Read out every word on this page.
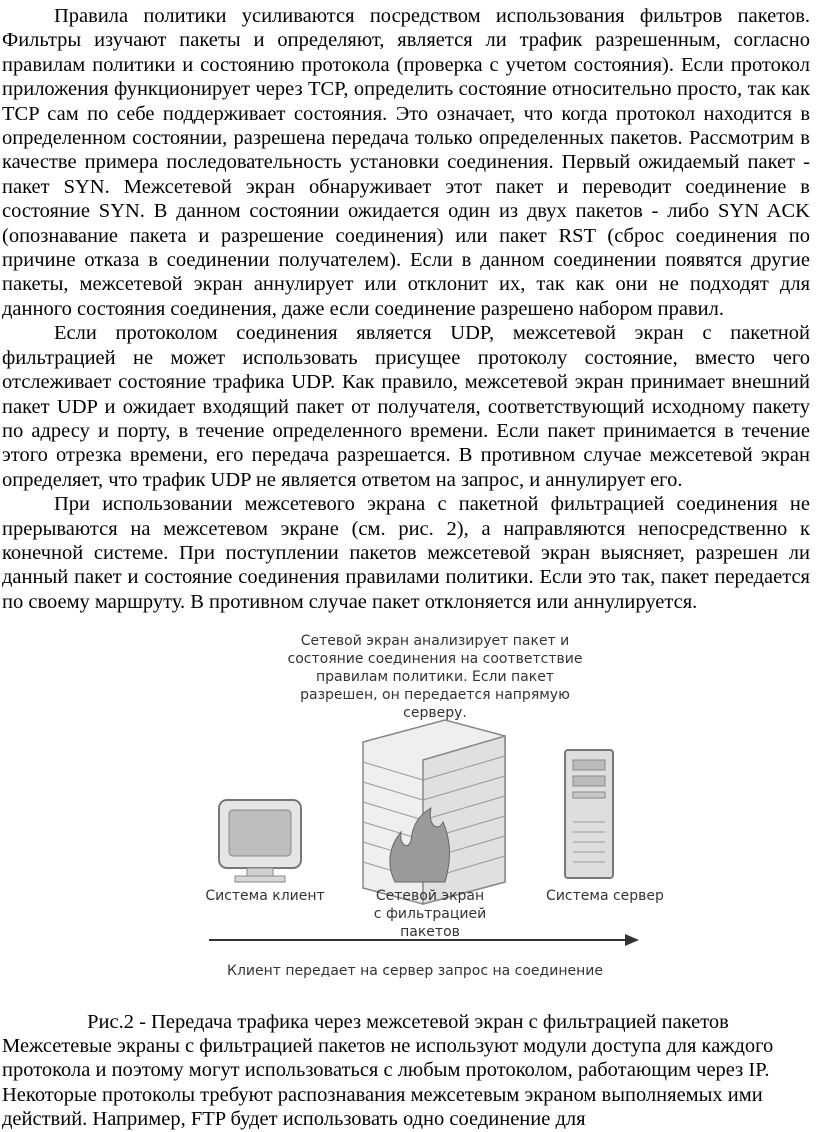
Правила политики усиливаются посредством использования фильтров пакетов. Фильтры изучают пакеты и определяют, является ли трафик разрешенным, согласно правилам политики и состоянию протокола (проверка с учетом состояния). Если протокол приложения функционирует через TCP, определить состояние относительно просто, так как TCP сам по себе поддерживает состояния. Это означает, что когда протокол находится в определенном состоянии, разрешена передача только определенных пакетов. Рассмотрим в качестве примера последовательность установки соединения. Первый ожидаемый пакет - пакет SYN. Межсетевой экран обнаруживает этот пакет и переводит соединение в состояние SYN. В данном состоянии ожидается один из двух пакетов - либо SYN ACK (опознавание пакета и разрешение соединения) или пакет RST (сброс соединения по причине отказа в соединении получателем). Если в данном соединении появятся другие пакеты, межсетевой экран аннулирует или отклонит их, так как они не подходят для данного состояния соединения, даже если соединение разрешено набором правил.

Если протоколом соединения является UDP, межсетевой экран с пакетной фильтрацией не может использовать присущее протоколу состояние, вместо чего отслеживает состояние трафика UDP. Как правило, межсетевой экран принимает внешний пакет UDP и ожидает входящий пакет от получателя, соответствующий исходному пакету по адресу и порту, в течение определенного времени. Если пакет принимается в течение этого отрезка времени, его передача разрешается. В противном случае межсетевой экран определяет, что трафик UDP не является ответом на запрос, и аннулирует его.

При использовании межсетевого экрана с пакетной фильтрацией соединения не прерываются на межсетевом экране (см. рис. 2), а направляются непосредственно к конечной системе. При поступлении пакетов межсетевой экран выясняет, разрешен ли данный пакет и состояние соединения правилами политики. Если это так, пакет передается по своему маршруту. В противном случае пакет отклоняется или аннулируется.

Сетевой экран анализирует пакет и состояние соединения на соответствие правилам политики. Если пакет разрешен, он передается напрямую серверу.
Система клиент	Сетевой экран с фильтрацией пакетов
Система сервер
Клиент передает на сервер запрос на соединение

Рис.2 - Передача трафика через межсетевой экран с фильтрацией пакетов

Межсетевые экраны с фильтрацией пакетов не используют модули доступа для каждого протокола и поэтому могут использоваться с любым протоколом, работающим через IP. Некоторые протоколы требуют распознавания межсетевым экраном выполняемых ими действий. Например, FTP будет использовать одно соединение для
